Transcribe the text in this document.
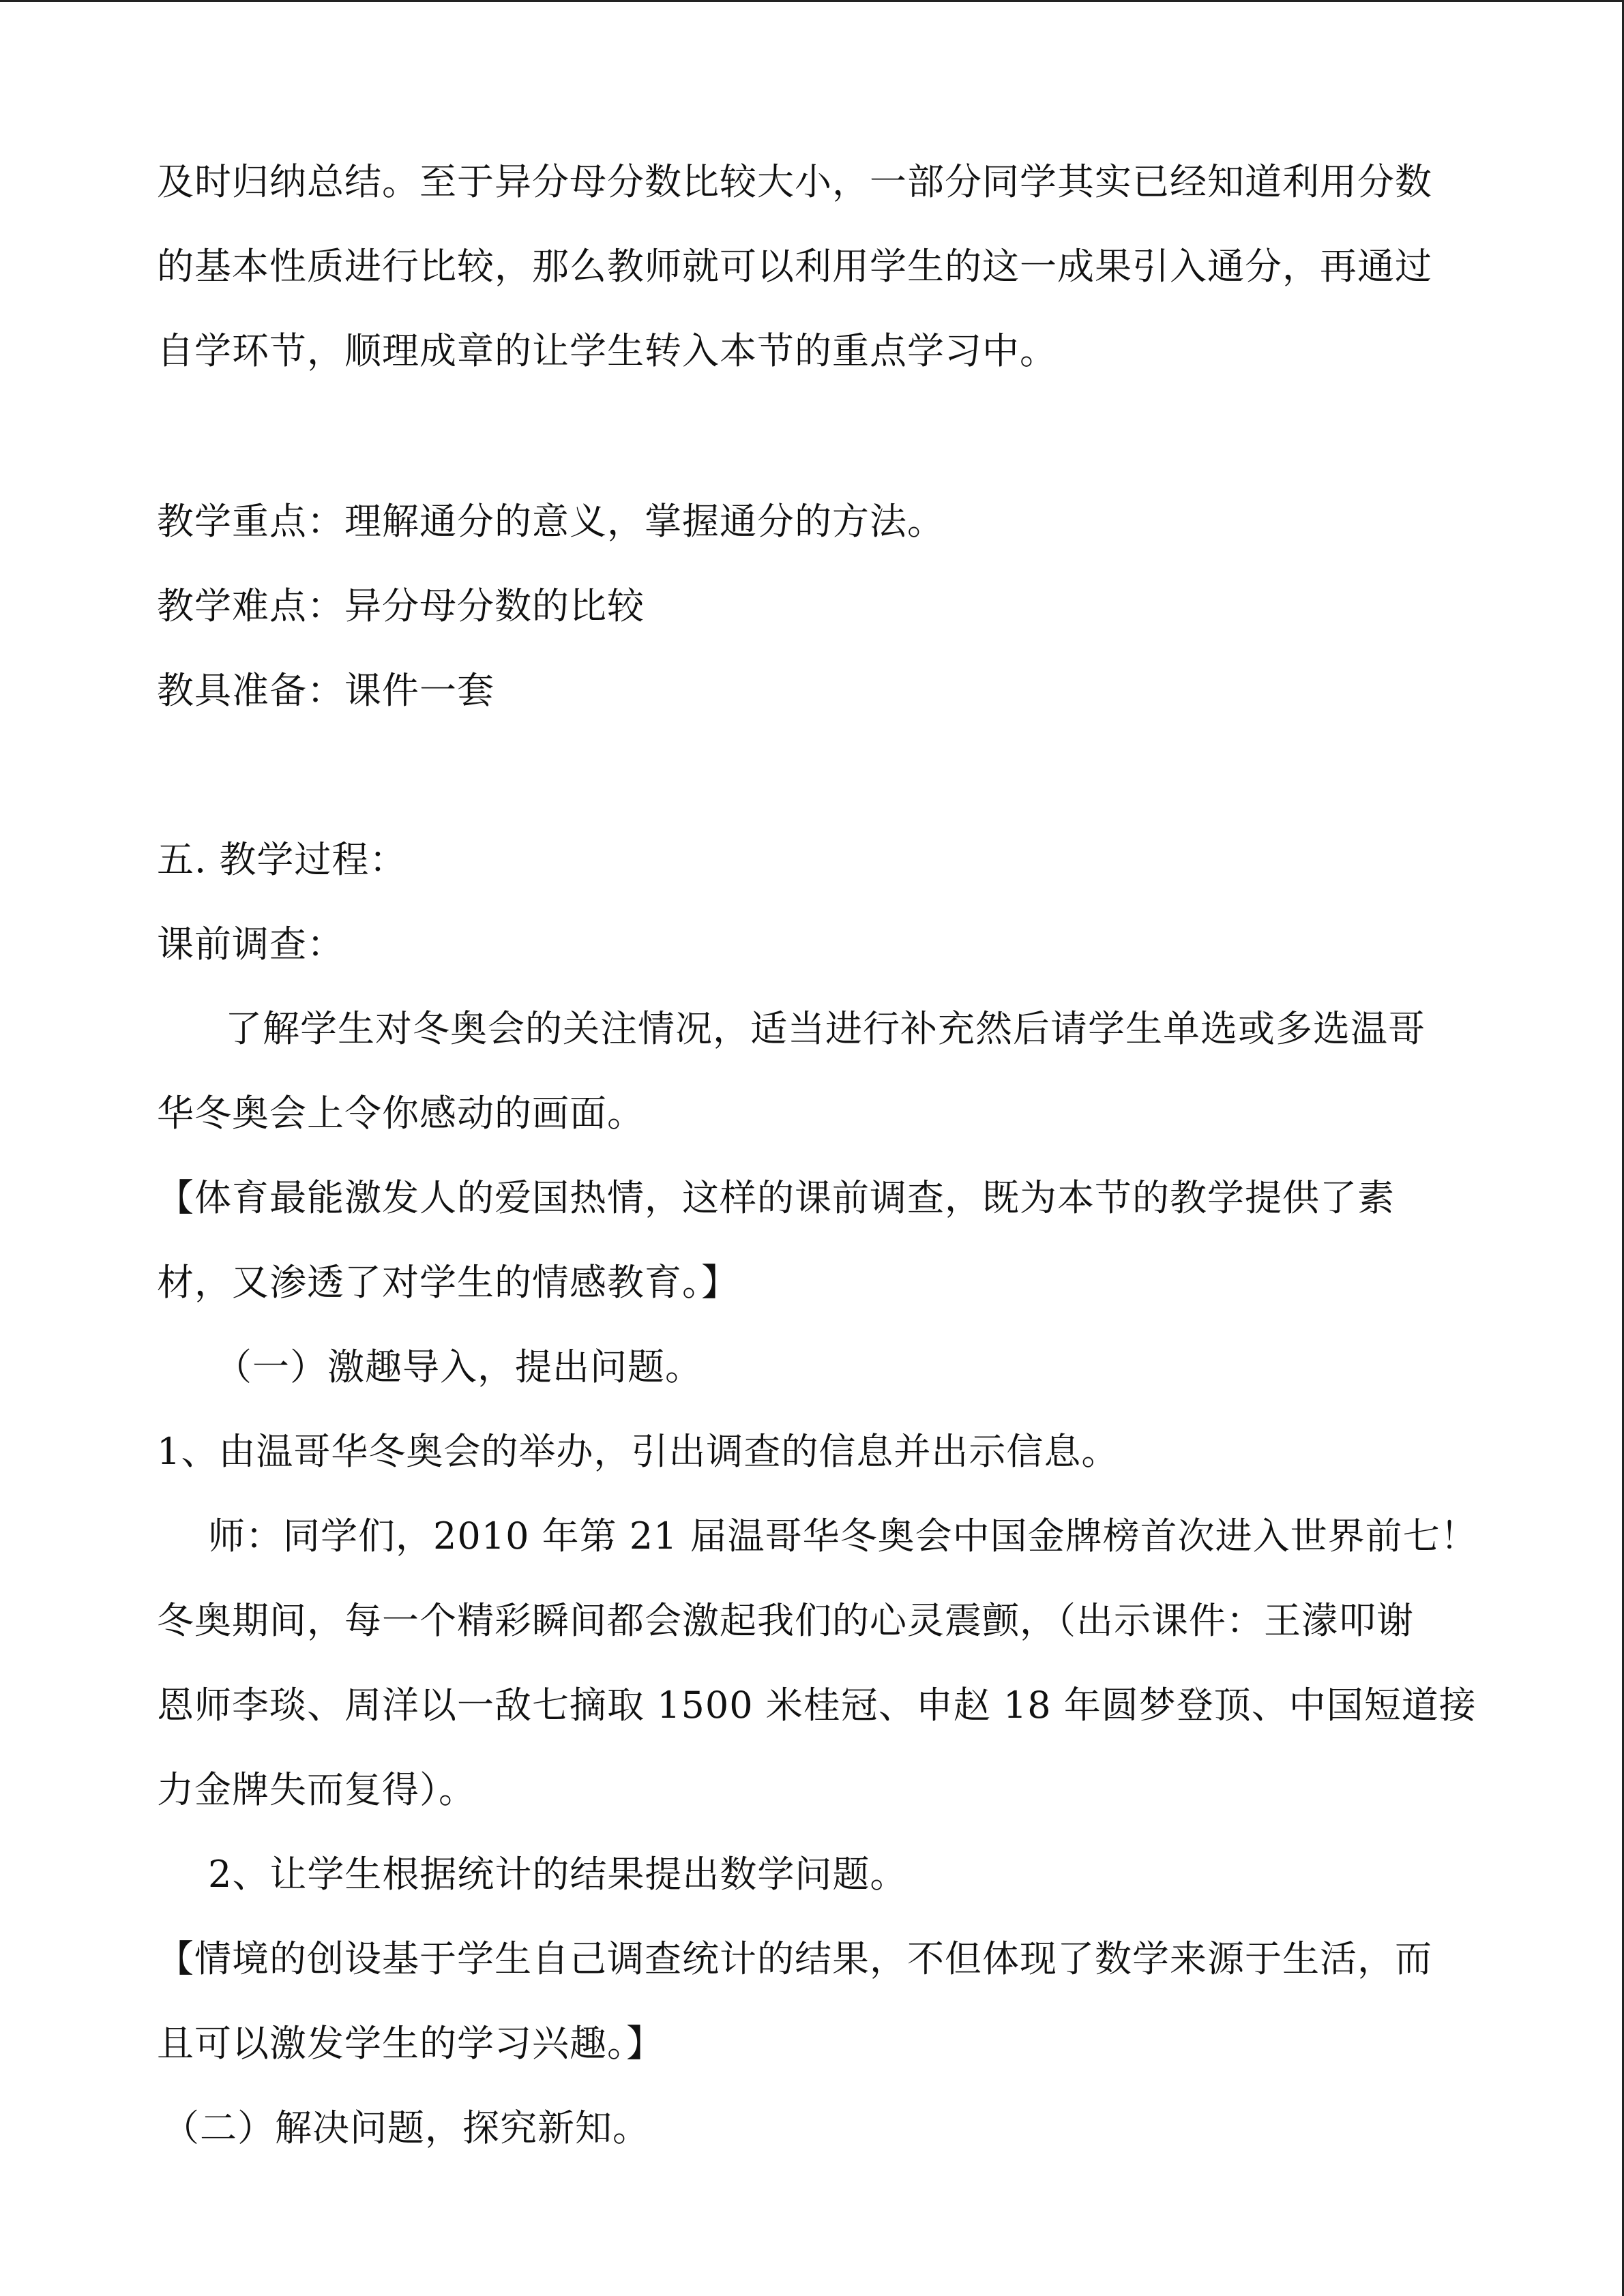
及时归纳总结。至于异分母分数比较大小，一部分同学其实已经知道利用分数
的基本性质进行比较，那么教师就可以利用学生的这一成果引入通分，再通过
自学环节，顺理成章的让学生转入本节的重点学习中。
教学重点：理解通分的意义，掌握通分的方法。
教学难点：异分母分数的比较
教具准备：课件一套
五. 教学过程：
课前调查：
了解学生对冬奥会的关注情况，适当进行补充然后请学生单选或多选温哥
华冬奥会上令你感动的画面。
【体育最能激发人的爱国热情，这样的课前调查，既为本节的教学提供了素
材，又渗透了对学生的情感教育。】
（一）激趣导入，提出问题。
1、由温哥华冬奥会的举办，引出调查的信息并出示信息。
师：同学们，2010 年第 21 届温哥华冬奥会中国金牌榜首次进入世界前七！
冬奥期间，每一个精彩瞬间都会激起我们的心灵震颤，（出示课件：王濛叩谢
恩师李琰、周洋以一敌七摘取 1500 米桂冠、申赵 18 年圆梦登顶、中国短道接
力金牌失而复得）。
2、让学生根据统计的结果提出数学问题。
【情境的创设基于学生自己调查统计的结果，不但体现了数学来源于生活，而
且可以激发学生的学习兴趣。】
（二）解决问题，探究新知。
